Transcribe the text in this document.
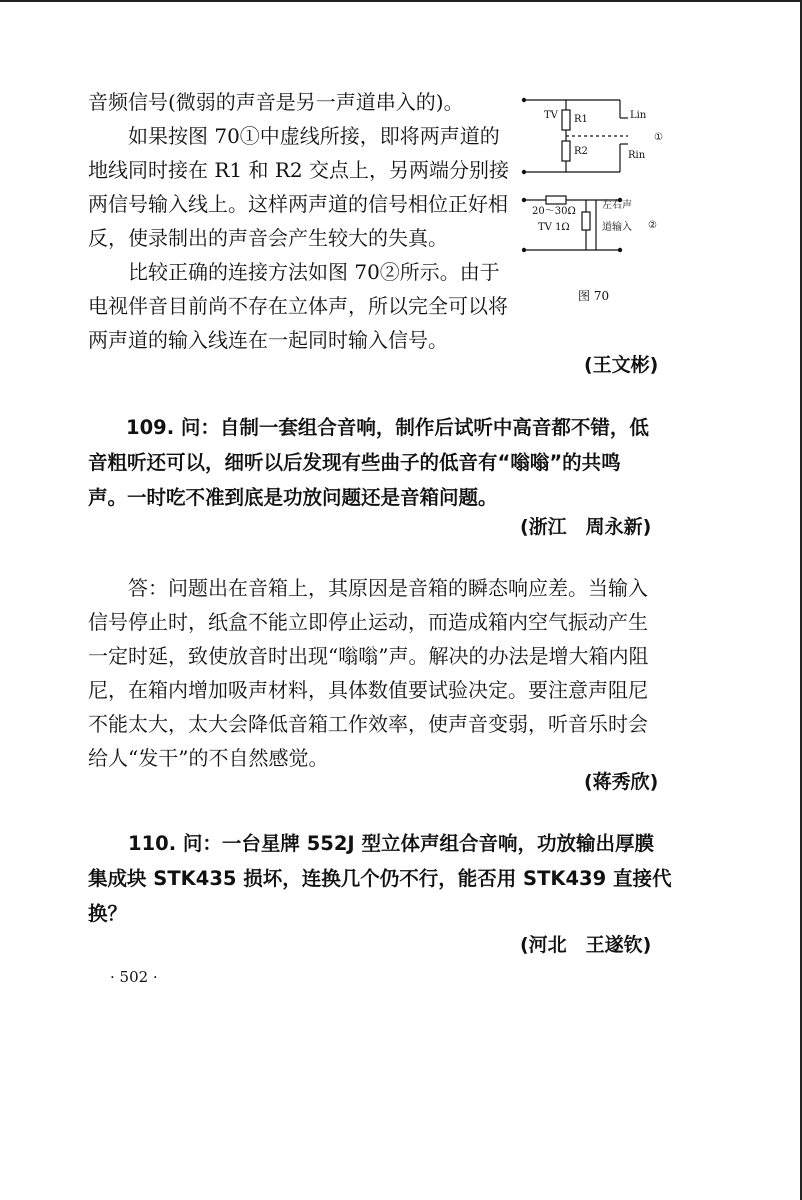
音频信号(微弱的声音是另一声道串入的)。

如果按图 70①中虚线所接，即将两声道的

地线同时接在 R1 和 R2 交点上，另两端分别接

两信号输入线上。这样两声道的信号相位正好相

反，使录制出的声音会产生较大的失真。

比较正确的连接方法如图 70②所示。由于

电视伴音目前尚不存在立体声，所以完全可以将

两声道的输入线连在一起同时输入信号。

(王文彬)

109. 问：自制一套组合音响，制作后试听中高音都不错，低

音粗听还可以，细听以后发现有些曲子的低音有“嗡嗡”的共鸣

声。一时吃不准到底是功放问题还是音箱问题。

(浙江　周永新)

答：问题出在音箱上，其原因是音箱的瞬态响应差。当输入

信号停止时，纸盒不能立即停止运动，而造成箱内空气振动产生

一定时延，致使放音时出现“嗡嗡”声。解决的办法是增大箱内阻

尼，在箱内增加吸声材料，具体数值要试验决定。要注意声阻尼

不能太大，太大会降低音箱工作效率，使声音变弱，听音乐时会

给人“发干”的不自然感觉。

(蒋秀欣)

110. 问：一台星牌 552J 型立体声组合音响，功放输出厚膜

集成块 STK435 损坏，连换几个仍不行，能否用 STK439 直接代

换？

(河北　王遂钦)
· 502 ·
TV R1
R2
Lin
Rin
①
20～30Ω
TV 1Ω
左右声
道输入 ②
图 70
